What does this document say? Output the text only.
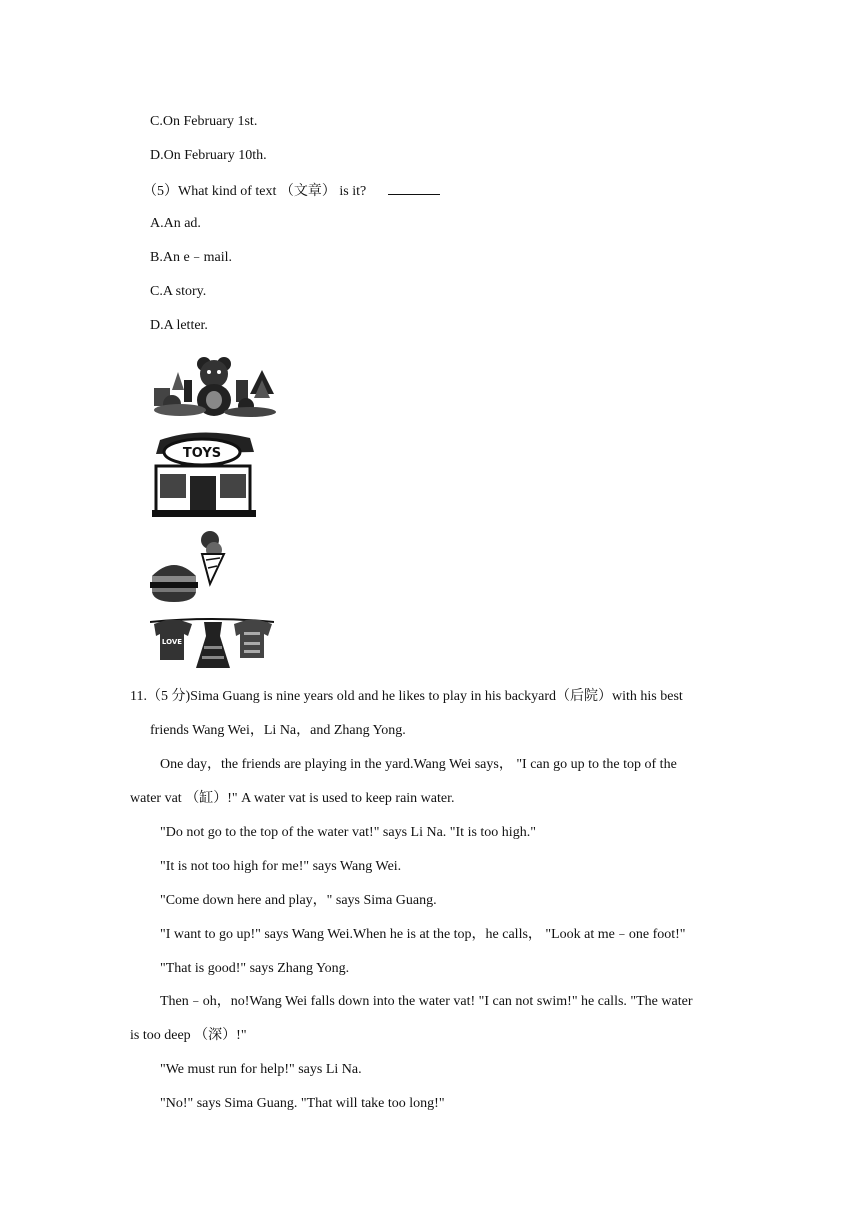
C.On February 1st.
D.On February 10th.
（5）What kind of text （文章） is it?
A.An ad.
B.An e﹣mail.
C.A story.
D.A letter.
TOYS
LOVE
11.（5 分)Sima Guang is nine years old and he likes to play in his backyard（后院）with his best
friends Wang Wei，Li Na，and Zhang Yong.
One day，the friends are playing in the yard.Wang Wei says， "I can go up to the top of the
water vat （缸）!" A water vat is used to keep rain water.
"Do not go to the top of the water vat!" says Li Na. "It is too high."
"It is not too high for me!" says Wang Wei.
"Come down here and play，" says Sima Guang.
"I want to go up!" says Wang Wei.When he is at the top，he calls， "Look at me﹣one foot!"
"That is good!" says Zhang Yong.
Then﹣oh，no!Wang Wei falls down into the water vat! "I can not swim!" he calls. "The water
is too deep （深）!"
"We must run for help!" says Li Na.
"No!" says Sima Guang. "That will take too long!"
